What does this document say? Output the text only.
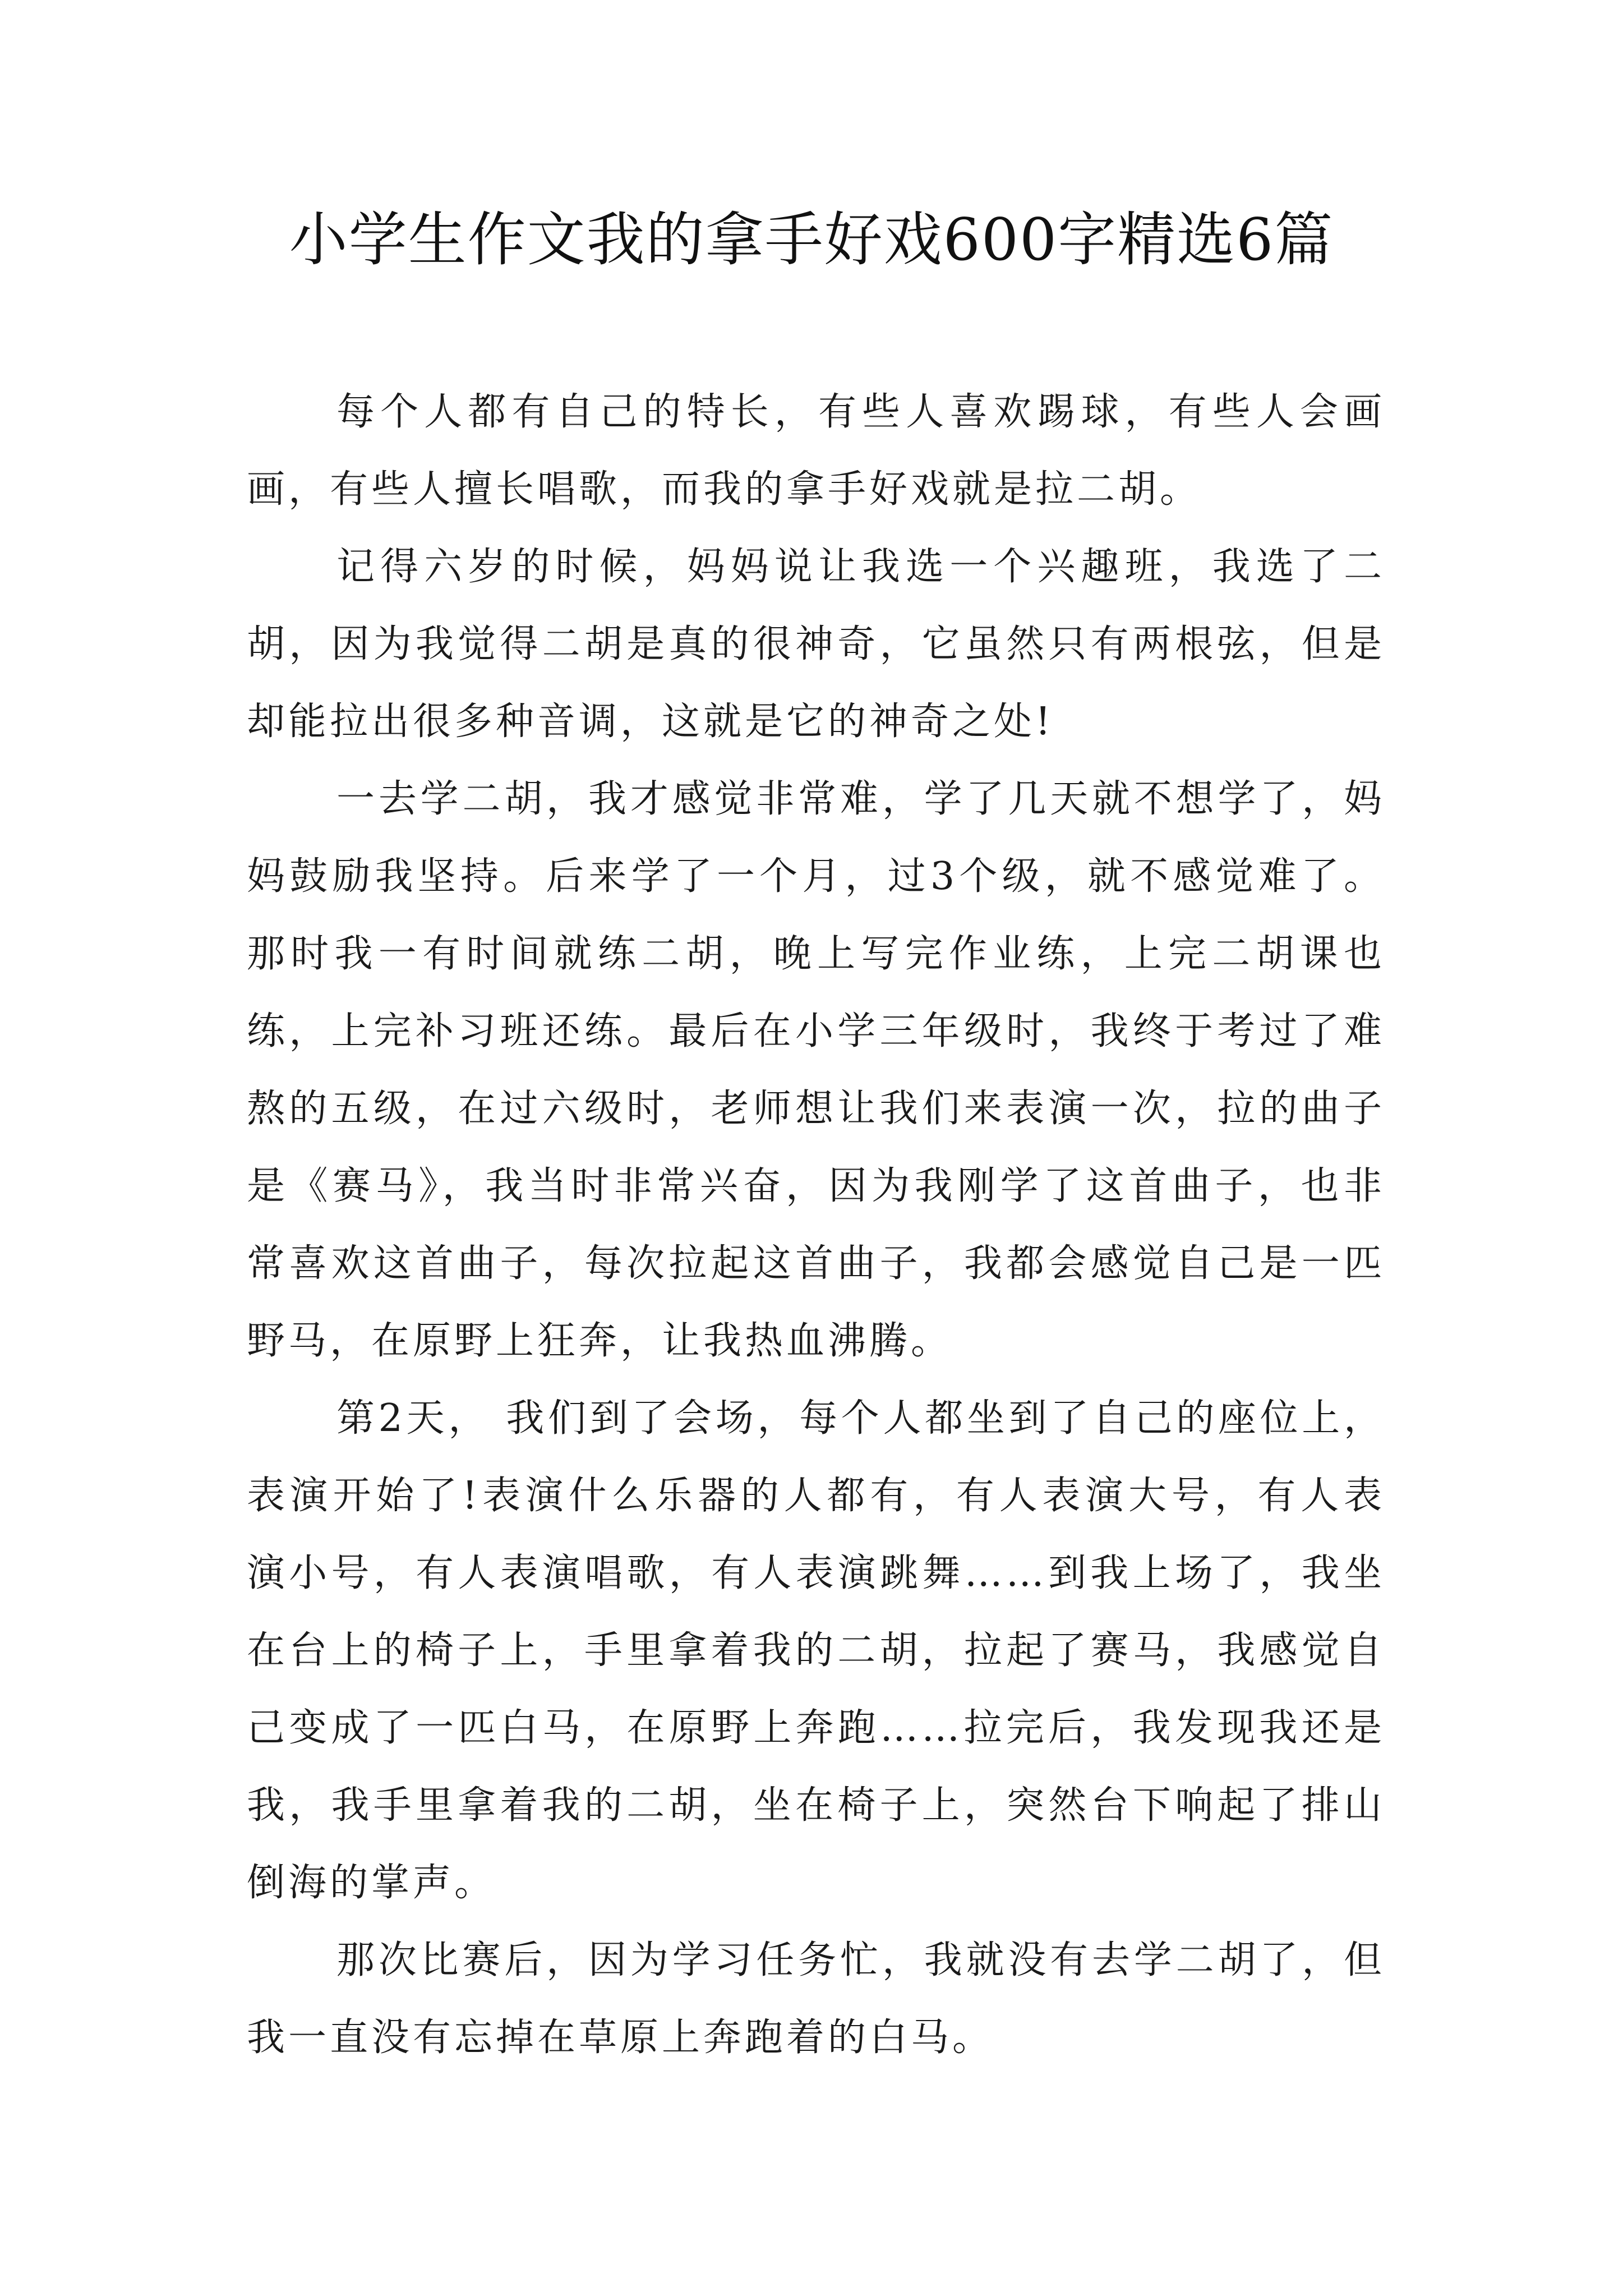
小学生作文我的拿手好戏600字精选6篇

每个人都有自己的特长，有些人喜欢踢球，有些人会画画，有些人擅长唱歌，而我的拿手好戏就是拉二胡。

记得六岁的时候，妈妈说让我选一个兴趣班，我选了二胡，因为我觉得二胡是真的很神奇，它虽然只有两根弦，但是却能拉出很多种音调，这就是它的神奇之处!

一去学二胡，我才感觉非常难，学了几天就不想学了，妈妈鼓励我坚持。后来学了一个月，过3个级，就不感觉难了。那时我一有时间就练二胡，晚上写完作业练，上完二胡课也练，上完补习班还练。最后在小学三年级时，我终于考过了难熬的五级，在过六级时，老师想让我们来表演一次，拉的曲子是《赛马》，我当时非常兴奋，因为我刚学了这首曲子，也非常喜欢这首曲子，每次拉起这首曲子，我都会感觉自己是一匹野马，在原野上狂奔，让我热血沸腾。

第2天， 我们到了会场，每个人都坐到了自己的座位上，表演开始了!表演什么乐器的人都有，有人表演大号，有人表演小号，有人表演唱歌，有人表演跳舞……到我上场了，我坐在台上的椅子上，手里拿着我的二胡，拉起了赛马，我感觉自己变成了一匹白马，在原野上奔跑……拉完后，我发现我还是我，我手里拿着我的二胡，坐在椅子上，突然台下响起了排山倒海的掌声。

那次比赛后，因为学习任务忙，我就没有去学二胡了，但我一直没有忘掉在草原上奔跑着的白马。
